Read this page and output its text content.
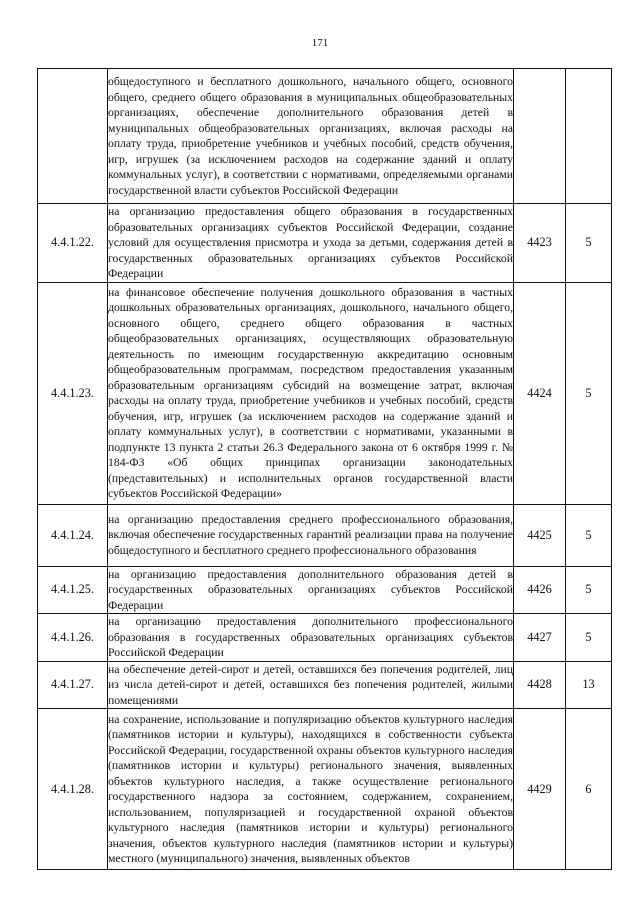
171
	общедоступного и бесплатного дошкольного, начального общего, основного общего, среднего общего образования в муниципальных общеобразовательных организациях, обеспечение дополнительного образования детей в муниципальных общеобразовательных организациях, включая расходы на оплату труда, приобретение учебников и учебных пособий, средств обучения, игр, игрушек (за исключением расходов на содержание зданий и оплату коммунальных услуг), в соответствии с нормативами, определяемыми органами государственной власти субъектов Российской Федерации		
4.4.1.22.	на организацию предоставления общего образования в государственных образовательных организациях субъектов Российской Федерации, создание условий для осуществления присмотра и ухода за детьми, содержания детей в государственных образовательных организациях субъектов Российской Федерации	4423	5
4.4.1.23.	на финансовое обеспечение получения дошкольного образования в частных дошкольных образовательных организациях, дошкольного, начального общего, основного общего, среднего общего образования в частных общеобразовательных организациях, осуществляющих образовательную деятельность по имеющим государственную аккредитацию основным общеобразовательным программам, посредством предоставления указанным образовательным организациям субсидий на возмещение затрат, включая расходы на оплату труда, приобретение учебников и учебных пособий, средств обучения, игр, игрушек (за исключением расходов на содержание зданий и оплату коммунальных услуг), в соответствии с нормативами, указанными в подпункте 13 пункта 2 статьи 26.3 Федерального закона от 6 октября 1999 г. № 184-ФЗ «Об общих принципах организации законодательных (представительных) и исполнительных органов государственной власти субъектов Российской Федерации»	4424	5
4.4.1.24.	на организацию предоставления среднего профессионального образования, включая обеспечение государственных гарантий реализации права на получение общедоступного и бесплатного среднего профессионального образования	4425	5
4.4.1.25.	на организацию предоставления дополнительного образования детей в государственных образовательных организациях субъектов Российской Федерации	4426	5
4.4.1.26.	на организацию предоставления дополнительного профессионального образования в государственных образовательных организациях субъектов Российской Федерации	4427	5
4.4.1.27.	на обеспечение детей-сирот и детей, оставшихся без попечения родителей, лиц из числа детей-сирот и детей, оставшихся без попечения родителей, жилыми помещениями	4428	13
4.4.1.28.	на сохранение, использование и популяризацию объектов культурного наследия (памятников истории и культуры), находящихся в собственности субъекта Российской Федерации, государственной охраны объектов культурного наследия (памятников истории и культуры) регионального значения, выявленных объектов культурного наследия, а также осуществление регионального государственного надзора за состоянием, содержанием, сохранением, использованием, популяризацией и государственной охраной объектов культурного наследия (памятников истории и культуры) регионального значения, объектов культурного наследия (памятников истории и культуры) местного (муниципального) значения, выявленных объектов	4429	6
